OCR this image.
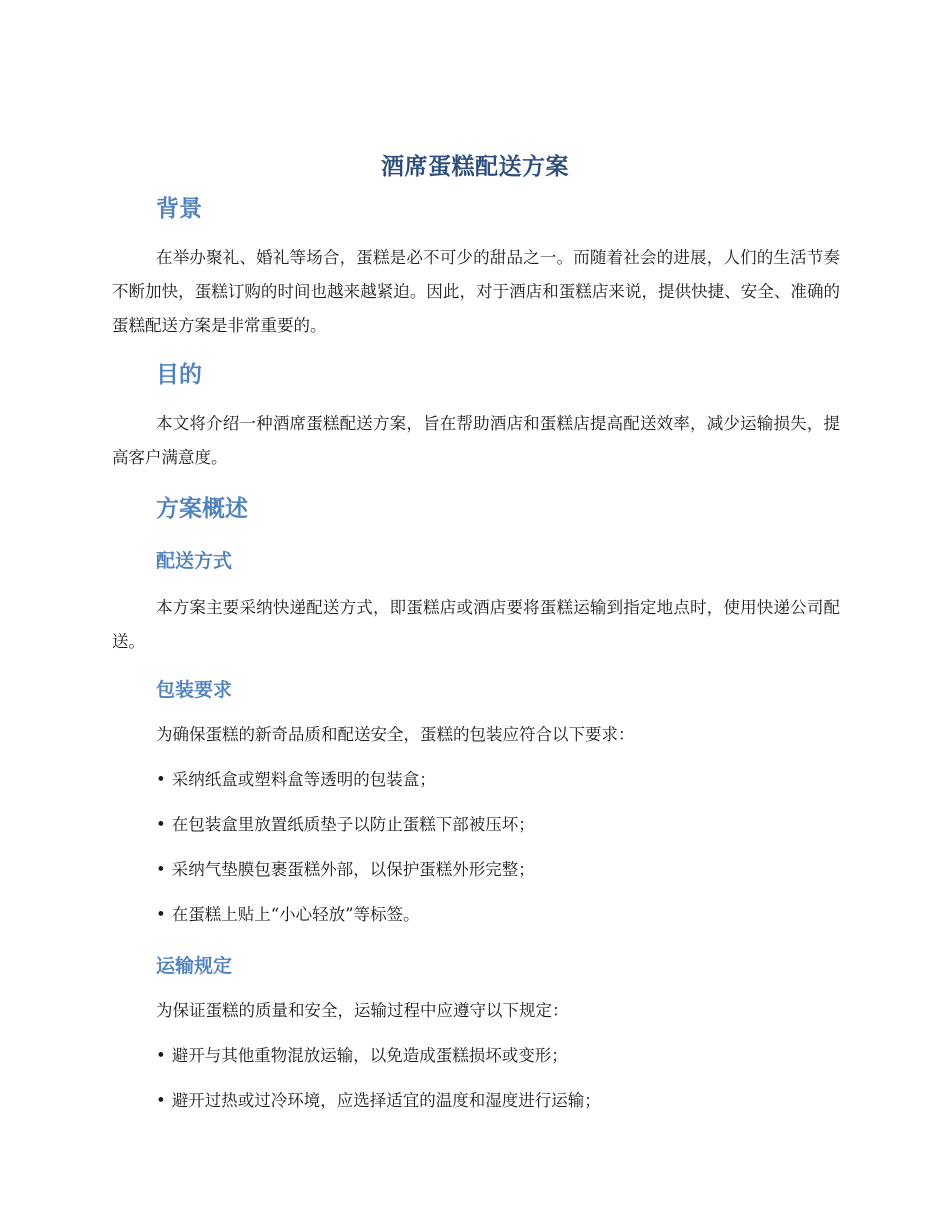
酒席蛋糕配送方案
背景
在举办聚礼、婚礼等场合，蛋糕是必不可少的甜品之一。而随着社会的进展，人们的生活节奏不断加快，蛋糕订购的时间也越来越紧迫。因此，对于酒店和蛋糕店来说，提供快捷、安全、准确的蛋糕配送方案是非常重要的。
目的
本文将介绍一种酒席蛋糕配送方案，旨在帮助酒店和蛋糕店提高配送效率，减少运输损失，提高客户满意度。
方案概述
配送方式
本方案主要采纳快递配送方式，即蛋糕店或酒店要将蛋糕运输到指定地点时，使用快递公司配送。
包装要求
为确保蛋糕的新奇品质和配送安全，蛋糕的包装应符合以下要求：
• 采纳纸盒或塑料盒等透明的包装盒；
• 在包装盒里放置纸质垫子以防止蛋糕下部被压坏；
• 采纳气垫膜包裹蛋糕外部，以保护蛋糕外形完整；
• 在蛋糕上贴上“小心轻放”等标签。
运输规定
为保证蛋糕的质量和安全，运输过程中应遵守以下规定：
• 避开与其他重物混放运输，以免造成蛋糕损坏或变形；
• 避开过热或过冷环境，应选择适宜的温度和湿度进行运输；
